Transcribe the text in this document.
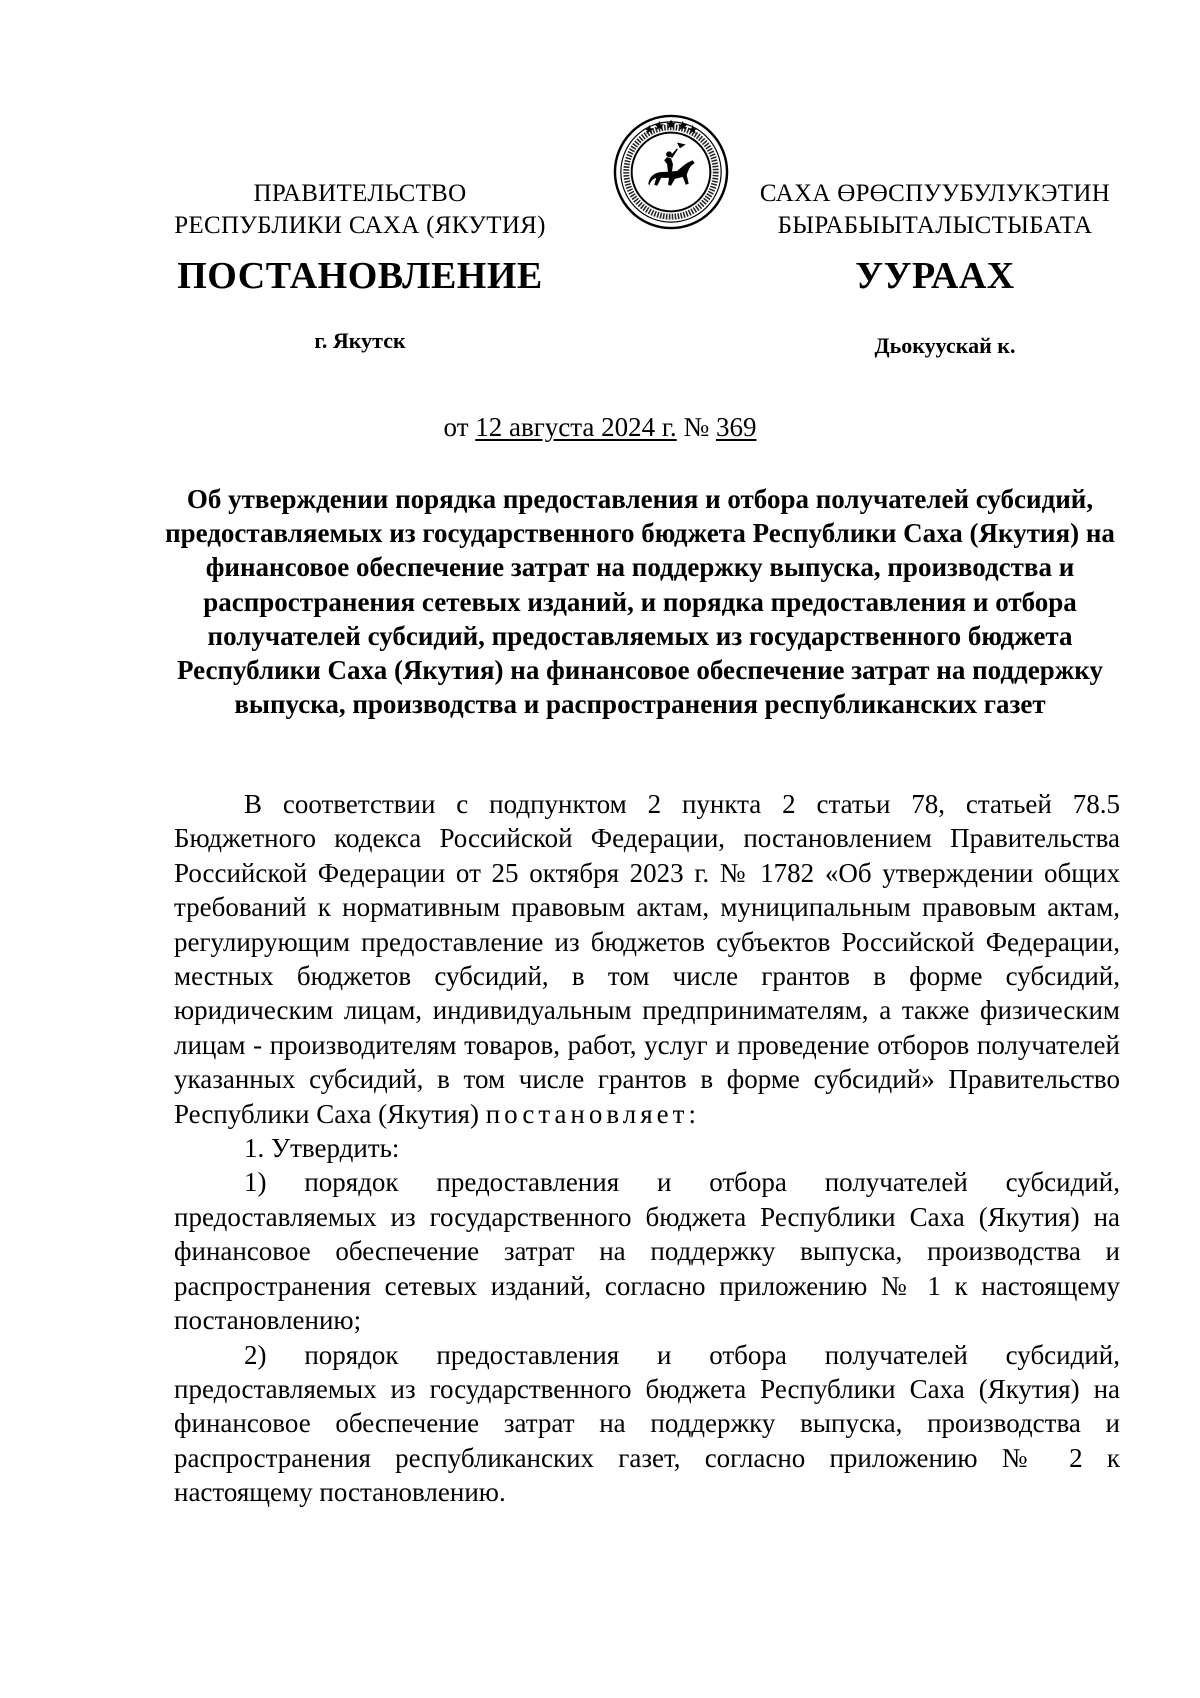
ПРАВИТЕЛЬСТВО
РЕСПУБЛИКИ САХА (ЯКУТИЯ)
САХА ӨРӨСПУУБУЛУКЭТИН
БЫРАБЫЫТАЛЫСТЫБАТА
ПОСТАНОВЛЕНИЕ	УУРААХ
г. Якутск	Дьокуускай к.
от 12 августа 2024 г. № 369
Об утверждении порядка предоставления и отбора получателей субсидий, предоставляемых из государственного бюджета Республики Саха (Якутия) на финансовое обеспечение затрат на поддержку выпуска, производства и распространения сетевых изданий, и порядка предоставления и отбора получателей субсидий, предоставляемых из государственного бюджета Республики Саха (Якутия) на финансовое обеспечение затрат на поддержку выпуска, производства и распространения республиканских газет

В соответствии с подпунктом 2 пункта 2 статьи 78, статьей 78.5 Бюджетного кодекса Российской Федерации, постановлением Правительства Российской Федерации от 25 октября 2023 г. № 1782 «Об утверждении общих требований к нормативным правовым актам, муниципальным правовым актам, регулирующим предоставление из бюджетов субъектов Российской Федерации, местных бюджетов субсидий, в том числе грантов в форме субсидий, юридическим лицам, индивидуальным предпринимателям, а также физическим лицам - производителям товаров, работ, услуг и проведение отборов получателей указанных субсидий, в том числе грантов в форме субсидий» Правительство Республики Саха (Якутия) постановляет:

1. Утвердить:

1) порядок предоставления и отбора получателей субсидий, предоставляемых из государственного бюджета Республики Саха (Якутия) на финансовое обеспечение затрат на поддержку выпуска, производства и распространения сетевых изданий, согласно приложению № 1 к настоящему постановлению;

2) порядок предоставления и отбора получателей субсидий, предоставляемых из государственного бюджета Республики Саха (Якутия) на финансовое обеспечение затрат на поддержку выпуска, производства и распространения республиканских газет, согласно приложению № 2 к настоящему постановлению.
